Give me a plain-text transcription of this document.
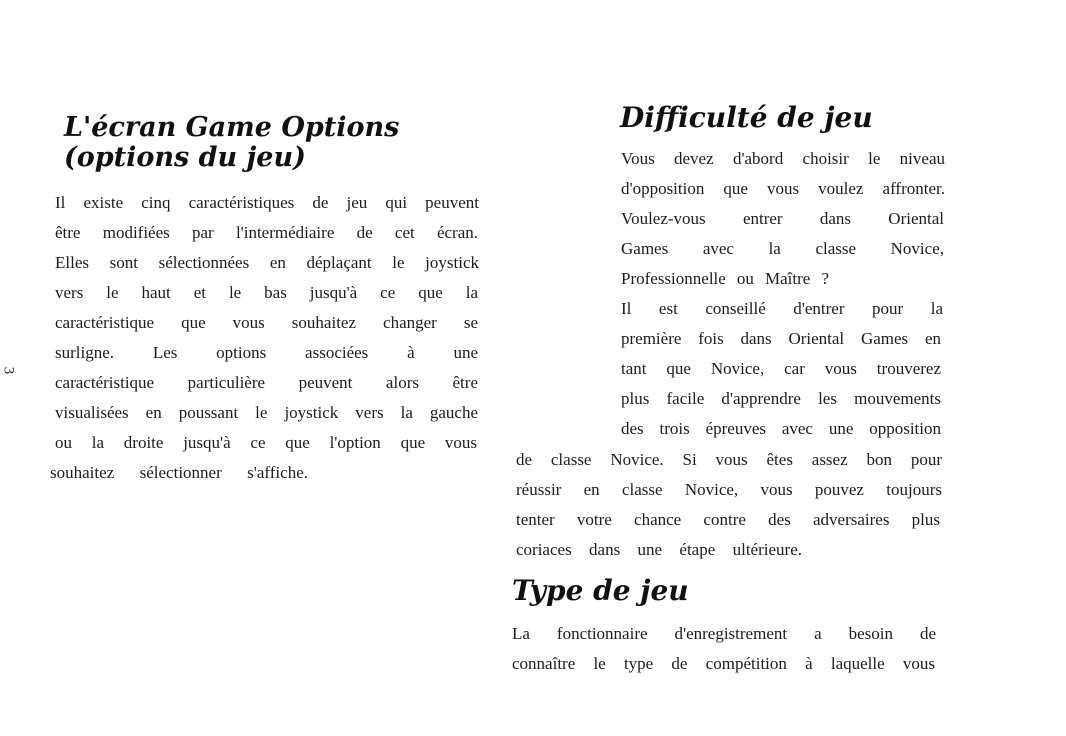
3
L'écran Game Options
(options du jeu)
Il existe cinq caractéristiques de jeu qui peuvent
être modifiées par l'intermédiaire de cet écran.
Elles sont sélectionnées en déplaçant le joystick
vers le haut et le bas jusqu'à ce que la
caractéristique que vous souhaitez changer se
surligne. Les options associées à une
caractéristique particulière peuvent alors être
visualisées en poussant le joystick vers la gauche
ou la droite jusqu'à ce que l'option que vous
souhaitez sélectionner s'affiche.
Difficulté de jeu
Vous devez d'abord choisir le niveau
d'opposition que vous voulez affronter.
Voulez-vous entrer dans Oriental
Games avec la classe Novice,
Professionnelle ou Maître ?
Il est conseillé d'entrer pour la
première fois dans Oriental Games en
tant que Novice, car vous trouverez
plus facile d'apprendre les mouvements
des trois épreuves avec une opposition
de classe Novice. Si vous êtes assez bon pour
réussir en classe Novice, vous pouvez toujours
tenter votre chance contre des adversaires plus
coriaces dans une étape ultérieure.
Type de jeu
La fonctionnaire d'enregistrement a besoin de
connaître le type de compétition à laquelle vous
